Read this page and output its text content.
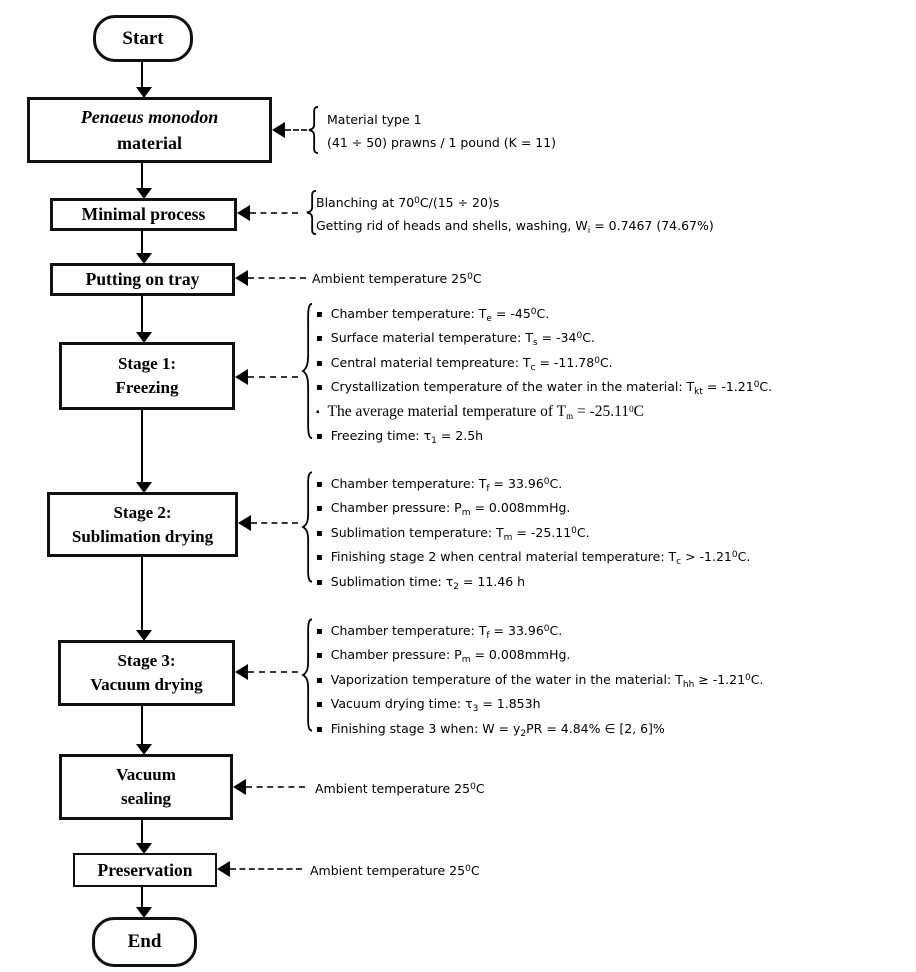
Start
Penaeus monodon
material
Minimal process
Putting on tray
Stage 1:
Freezing
Stage 2:
Sublimation drying
Stage 3:
Vacuum drying
Vacuum
sealing
Preservation
End
Material type 1
(41 ÷ 50) prawns / 1 pound (K = 11)
Blanching at $70^0C/(15 \div 20)s$
Getting rid of heads and shells, washing, $W_i = 0.7467$ (74.67%)
Ambient temperature $25^0C$
▪ Chamber temperature: $T_e = -45^0C$.
▪ Surface material temperature: $T_s = -34^0C$.
▪ Central material tempreature: $T_c = -11.78^0C$.
▪ Crystallization temperature of the water in the material: $T_{kt} = -1.21^0C$.
▪ The average material temperature of $T_m = -25.11^0C$
▪ Freezing time: $\tau_1 = 2.5h$
▪ Chamber temperature: $T_f = 33.96^0C$.
▪ Chamber pressure: $P_m$ = 0.008mmHg.
▪ Sublimation temperature: $T_m = -25.11^0C$.
▪ Finishing stage 2 when central material temperature: $T_c > -1.21^0C$.
▪ Sublimation time: $\tau_2 = 11.46$ h
▪ Chamber temperature: $T_f = 33.96^0C$.
▪ Chamber pressure: $P_m$ = 0.008mmHg.
▪ Vaporization temperature of the water in the material: $T_{hh} \ge -1.21^0C$.
▪ Vacuum drying time: $\tau_3 = 1.853h$
▪ Finishing stage 3 when: $W = y_2PR = 4.84\%$ ∈ [2, 6]%
Ambient temperature $25^0C$
Ambient temperature $25^0C$
